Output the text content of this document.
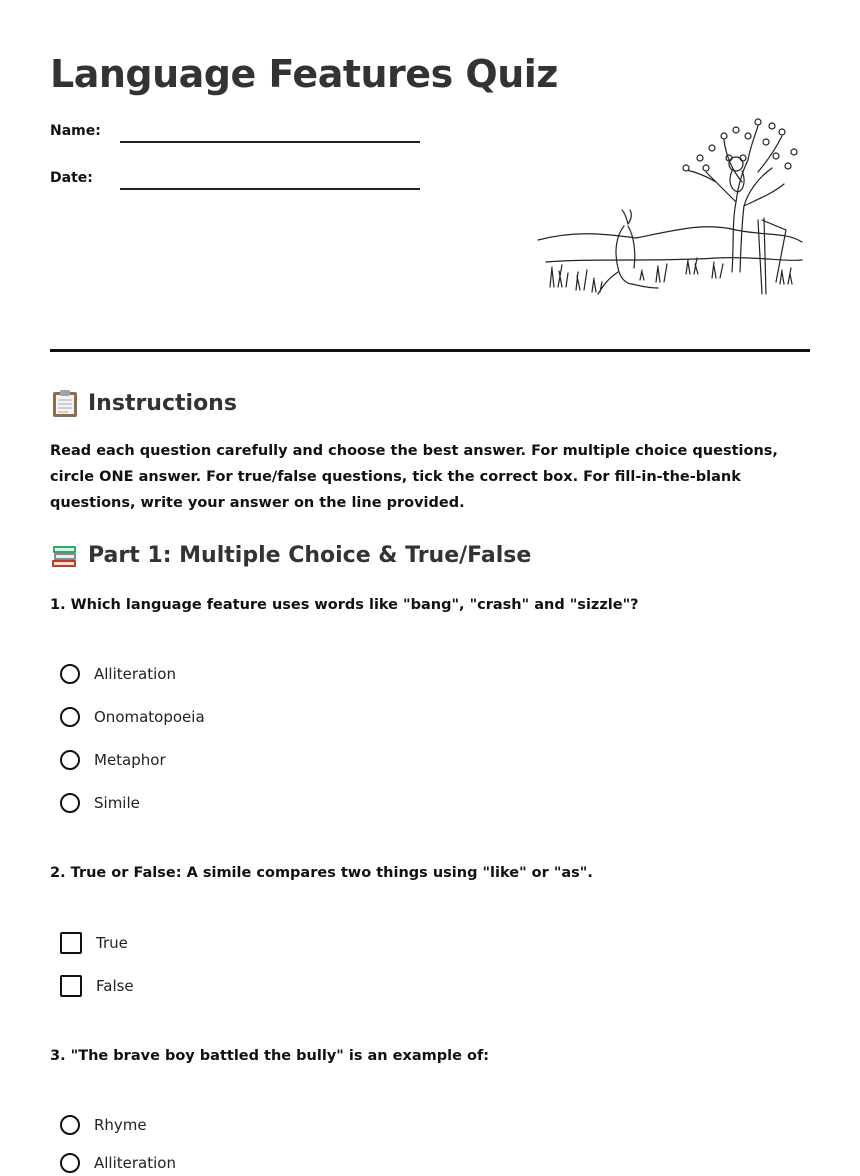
Language Features Quiz
Name:
Date:
Instructions

Read each question carefully and choose the best answer. For multiple choice questions, circle ONE answer. For true/false questions, tick the correct box. For fill-in-the-blank questions, write your answer on the line provided.

Part 1: Multiple Choice & True/False

1. Which language feature uses words like "bang", "crash" and "sizzle"?

Alliteration
Onomatopoeia
Metaphor
Simile

2. True or False: A simile compares two things using "like" or "as".

True
False

3. "The brave boy battled the bully" is an example of:

Rhyme
Alliteration
